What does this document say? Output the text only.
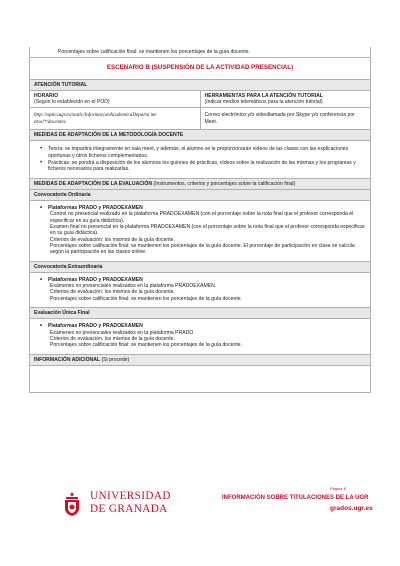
Porcentajes sobre calificación final: se mantienen los porcentajes de la guía docente.
ESCENARIO B (SUSPENSIÓN DE LA ACTIVIDAD PRESENCIAL)
ATENCIÓN TUTORIAL
HORARIO
(Según lo establecido en el POD)
HERRAMIENTAS PARA LA ATENCIÓN TUTORIAL
(Indicar medios telemáticos para la atención tutorial)
http://opticsugr.es/static/InformacionAcademicaDeparta me
ntos/*/docentes
Correo electrónico y/o videollamada por Skype y/o conferencia por Meet.
MEDIDAS DE ADAPTACIÓN DE LA METODOLOGÍA DOCENTE
• Teoría: se impartirá íntegramente en sala meet, y además, el alumno se le proporcionarán vídeos de las clases con las explicaciones oportunas y otros ficheros complementarios.
• Prácticas: se pondrá a disposición de los alumnos los guiones de prácticas, vídeos sobre la realización de las mismas y los programas y ficheros necesarios para realizarlas.
MEDIDAS DE ADAPTACIÓN DE LA EVALUACIÓN (Instrumentos, criterios y porcentajes sobre la calificación final)
Convocatoria Ordinaria
• Plataformas PRADO y PRADOEXAMEN
Control no presencial realizado en la plataforma PRADOEXAMEN (con el porcentaje sobre la nota final que el profesor corresponda el especificar en su guía didáctica).
Examen final no presencial en la plataforma PRADOEXAMEN (con el porcentaje sobre la nota final que el profesor corresponda especificar en su guía didáctica).
Criterios de evaluación: los mismos de la guía docente.
Porcentajes sobre calificación final: se mantienen los porcentajes de la guía docente. El porcentaje de participación en clase se calcula según la participación en las clases online.
Convocatoria Extraordinaria
• Plataformas PRADO y PRADOEXAMEN
Exámenes no presenciales realizados en la plataforma PRADOEXAMEN.
Criterios de evaluación: los mismos de la guía docente.
Porcentajes sobre calificación final: se mantienen los porcentajes de la guía docente.
Evaluación Única Final
• Plataformas PRADO y PRADOEXAMEN
Exámenes no presenciales realizados en la plataforma PRADO.
Criterios de evaluación: los mismos de la guía docente.
Porcentajes sobre calificación final: se mantienen los porcentajes de la guía docente.
INFORMACIÓN ADICIONAL (Si procede)
UNIVERSIDAD
DE GRANADA
Página 8
INFORMACIÓN SOBRE TITULACIONES DE LA UGR
grados.ugr.es
